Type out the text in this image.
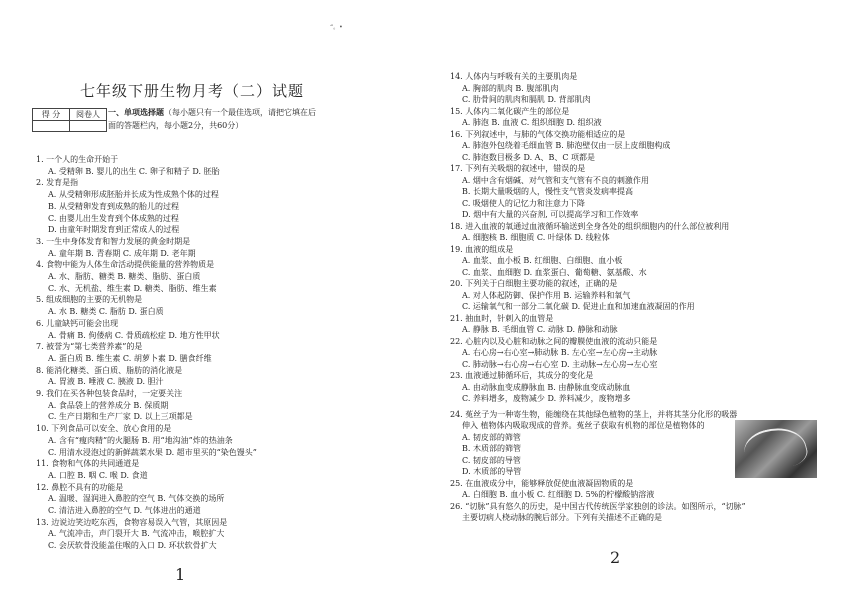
“。•
七年级下册生物月考（二）试题
得 分	阅卷人
	一、单项选择题（每小题只有一个最佳选项，请把它填在后面的答题栏内，每小题2分，共60分）
1. 一个人的生命开始于
A. 受精卵 B. 婴儿的出生 C. 卵子和精子 D. 胚胎
2. 发育是指
A. 从受精卵形成胚胎并长成为性成熟个体的过程
B. 从受精卵发育到成熟的胎儿的过程
C. 由婴儿出生发育到个体成熟的过程
D. 由童年时期发育到正常成人的过程
3. 一生中身体发育和智力发展的黄金时期是
A. 童年期 B. 青春期 C. 成年期 D. 老年期
4. 食物中能为人体生命活动提供能量的营养物质是
A. 水、脂肪、糖类 B. 糖类、脂肪、蛋白质
C. 水、无机盐、维生素 D. 糖类、脂肪、维生素
5. 组成细胞的主要的无机物是
A. 水 B. 糖类 C. 脂肪 D. 蛋白质
6. 儿童缺钙可能会出现
A. 骨痛 B. 佝偻病 C. 骨质疏松症 D. 地方性甲状
7. 被誉为“第七类营养素”的是
A. 蛋白质 B. 维生素 C. 胡萝卜素 D. 膳食纤维
8. 能消化糖类、蛋白质、脂肪的消化液是
A. 胃液 B. 唾液 C. 胰液 D. 胆汁
9. 我们在买各种包装食品时，一定要关注
A. 食品袋上的营养成分 B. 保质期
C. 生产日期和生产厂家 D. 以上三项都是
10. 下列食品可以安全、放心食用的是
A. 含有“瘦肉精”的火腿肠 B. 用“地沟油”炸的热油条
C. 用清水浸泡过的新鲜蔬菜水果 D. 超市里买的“染色馒头”
11. 食物和气体的共同通道是
A. 口腔 B. 咽 C. 喉 D. 食道
12. 鼻腔不具有的功能是
A. 温暖、湿润进入鼻腔的空气 B. 气体交换的场所
C. 清洁进入鼻腔的空气 D. 气体进出的通道
13. 边说边笑边吃东西，食物容易误入气管，其原因是
A. 气流冲击，声门裂开大 B. 气流冲击，喉腔扩大
C. 会厌软骨没能盖住喉的入口 D. 环状软骨扩大
1
14. 人体内与呼吸有关的主要肌肉是
A. 胸部的肌肉 B. 腹部肌肉
C. 肋骨间的肌肉和膈肌 D. 背部肌肉
15. 人体内二氧化碳产生的部位是
A. 肺泡 B. 血液 C. 组织细胞 D. 组织液
16. 下列叙述中，与肺的气体交换功能相适应的是
A. 肺泡外包绕着毛细血管 B. 肺泡壁仅由一层上皮细胞构成
C. 肺泡数目极多 D. A、B、C 项都是
17. 下列有关吸烟的叙述中，错误的是
A. 烟中含有烟碱、对气管和支气管有不良的刺激作用
B. 长期大量吸烟的人，慢性支气管炎发病率提高
C. 吸烟使人的记忆力和注意力下降
D. 烟中有大量的兴奋剂, 可以提高学习和工作效率
18. 进入血液的氧通过血液循环输送到全身各处的组织细胞内的什么部位被利用
A. 细胞核 B. 细胞质 C. 叶绿体 D. 线粒体
19. 血液的组成是
A. 血浆、血小板 B. 红细胞、白细胞、血小板
C. 血浆、血细胞 D. 血浆蛋白、葡萄糖、氨基酸、水
20. 下列关于白细胞主要功能的叙述，正确的是
A. 对人体起防御、保护作用 B. 运输养料和氧气
C. 运输氧气和一部分二氧化碳 D. 促进止血和加速血液凝固的作用
21. 抽血时，针刺入的血管是
A. 静脉 B. 毛细血管 C. 动脉 D. 静脉和动脉
22. 心脏内以及心脏和动脉之间的瓣膜使血液的流动只能是
A. 右心房→右心室→肺动脉 B. 左心室→左心房→主动脉
C. 肺动脉→右心房→右心室 D. 主动脉→左心房→左心室
23. 血液通过肺循环后，其成分的变化是
A. 由动脉血变成静脉血 B. 由静脉血变成动脉血
C. 养料增多，废物减少 D. 养料减少，废物增多
24. 菟丝子为一种寄生物，能缠绕在其他绿色植物的茎上，并将其茎分化形的吸器
伸入 植物体内吸取现成的营养。菟丝子获取有机物的部位是植物体的
A. 韧皮部的筛管
B. 木质部的筛管
C. 韧皮部的导管
D. 木质部的导管
25. 在血液成分中，能够释放促使血液凝固物质的是
A. 白细胞 B. 血小板 C. 红细胞 D. 5%的柠檬酸钠溶液
26. “切脉”具有悠久的历史，是中国古代传统医学家独创的诊法。如图所示，“切脉”
主要切病人桡动脉的腕后部分。下列有关描述不正确的是
2
